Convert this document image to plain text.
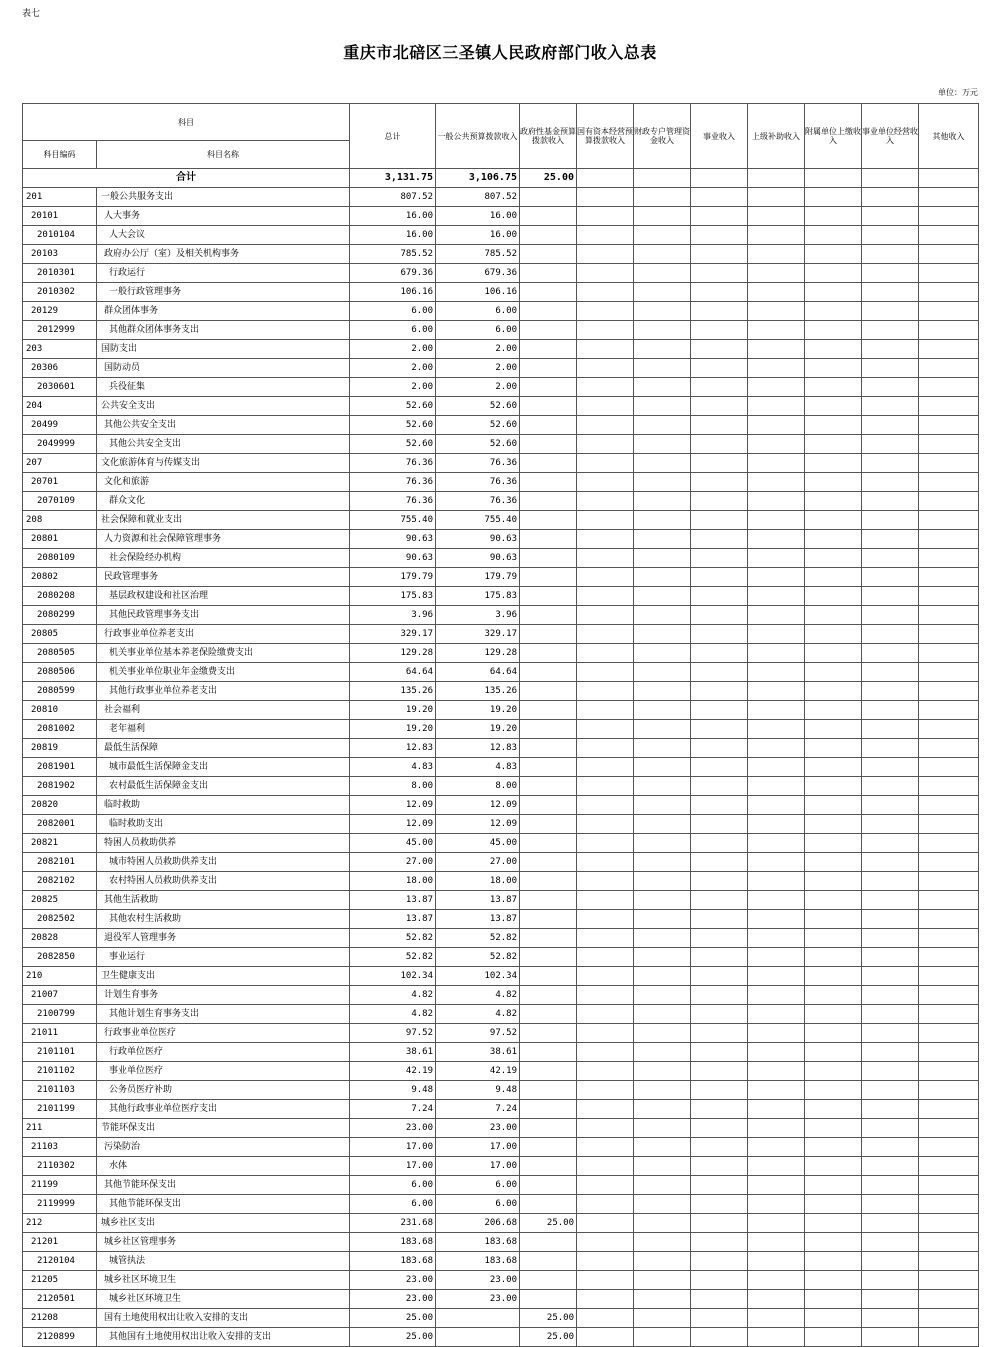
表七
重庆市北碚区三圣镇人民政府部门收入总表
单位：万元
科目		总计	一般公共预算拨款收入	政府性基金预算拨款收入	国有资本经营预算拨款收入	财政专户管理资金收入	事业收入	上级补助收入	附属单位上缴收入	事业单位经营收入	其他收入
科目编码	科目名称										
合计		3,131.75	3,106.75	25.00							
201	一般公共服务支出	807.52	807.52								
20101	人大事务	16.00	16.00								
2010104	人大会议	16.00	16.00								
20103	政府办公厅（室）及相关机构事务	785.52	785.52								
2010301	行政运行	679.36	679.36								
2010302	一般行政管理事务	106.16	106.16								
20129	群众团体事务	6.00	6.00								
2012999	其他群众团体事务支出	6.00	6.00								
203	国防支出	2.00	2.00								
20306	国防动员	2.00	2.00								
2030601	兵役征集	2.00	2.00								
204	公共安全支出	52.60	52.60								
20499	其他公共安全支出	52.60	52.60								
2049999	其他公共安全支出	52.60	52.60								
207	文化旅游体育与传媒支出	76.36	76.36								
20701	文化和旅游	76.36	76.36								
2070109	群众文化	76.36	76.36								
208	社会保障和就业支出	755.40	755.40								
20801	人力资源和社会保障管理事务	90.63	90.63								
2080109	社会保险经办机构	90.63	90.63								
20802	民政管理事务	179.79	179.79								
2080208	基层政权建设和社区治理	175.83	175.83								
2080299	其他民政管理事务支出	3.96	3.96								
20805	行政事业单位养老支出	329.17	329.17								
2080505	机关事业单位基本养老保险缴费支出	129.28	129.28								
2080506	机关事业单位职业年金缴费支出	64.64	64.64								
2080599	其他行政事业单位养老支出	135.26	135.26								
20810	社会福利	19.20	19.20								
2081002	老年福利	19.20	19.20								
20819	最低生活保障	12.83	12.83								
2081901	城市最低生活保障金支出	4.83	4.83								
2081902	农村最低生活保障金支出	8.00	8.00								
20820	临时救助	12.09	12.09								
2082001	临时救助支出	12.09	12.09								
20821	特困人员救助供养	45.00	45.00								
2082101	城市特困人员救助供养支出	27.00	27.00								
2082102	农村特困人员救助供养支出	18.00	18.00								
20825	其他生活救助	13.87	13.87								
2082502	其他农村生活救助	13.87	13.87								
20828	退役军人管理事务	52.82	52.82								
2082850	事业运行	52.82	52.82								
210	卫生健康支出	102.34	102.34								
21007	计划生育事务	4.82	4.82								
2100799	其他计划生育事务支出	4.82	4.82								
21011	行政事业单位医疗	97.52	97.52								
2101101	行政单位医疗	38.61	38.61								
2101102	事业单位医疗	42.19	42.19								
2101103	公务员医疗补助	9.48	9.48								
2101199	其他行政事业单位医疗支出	7.24	7.24								
211	节能环保支出	23.00	23.00								
21103	污染防治	17.00	17.00								
2110302	水体	17.00	17.00								
21199	其他节能环保支出	6.00	6.00								
2119999	其他节能环保支出	6.00	6.00								
212	城乡社区支出	231.68	206.68	25.00							
21201	城乡社区管理事务	183.68	183.68								
2120104	城管执法	183.68	183.68								
21205	城乡社区环境卫生	23.00	23.00								
2120501	城乡社区环境卫生	23.00	23.00								
21208	国有土地使用权出让收入安排的支出	25.00		25.00							
2120899	其他国有土地使用权出让收入安排的支出	25.00		25.00							
